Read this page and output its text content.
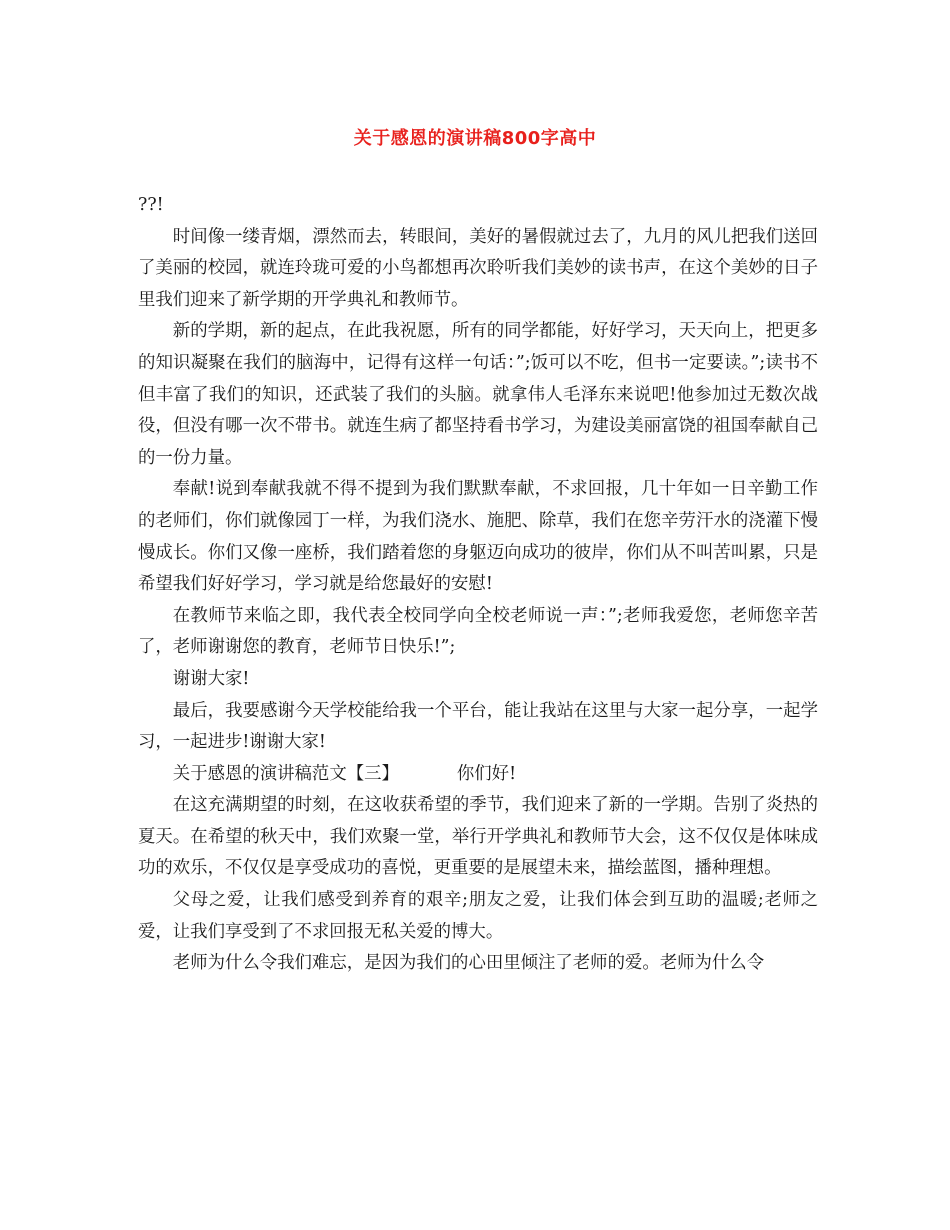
关于感恩的演讲稿800字高中

??!

时间像一缕青烟，漂然而去，转眼间，美好的暑假就过去了，九月的风儿把我们送回了美丽的校园，就连玲珑可爱的小鸟都想再次聆听我们美妙的读书声，在这个美妙的日子里我们迎来了新学期的开学典礼和教师节。

新的学期，新的起点，在此我祝愿，所有的同学都能，好好学习，天天向上，把更多的知识凝聚在我们的脑海中，记得有这样一句话：”;饭可以不吃，但书一定要读。”;读书不但丰富了我们的知识，还武装了我们的头脑。就拿伟人毛泽东来说吧!他参加过无数次战役，但没有哪一次不带书。就连生病了都坚持看书学习，为建设美丽富饶的祖国奉献自己的一份力量。

奉献!说到奉献我就不得不提到为我们默默奉献，不求回报，几十年如一日辛勤工作的老师们，你们就像园丁一样，为我们浇水、施肥、除草，我们在您辛劳汗水的浇灌下慢慢成长。你们又像一座桥，我们踏着您的身躯迈向成功的彼岸，你们从不叫苦叫累，只是希望我们好好学习，学习就是给您最好的安慰!

在教师节来临之即，我代表全校同学向全校老师说一声：”;老师我爱您，老师您辛苦了，老师谢谢您的教育，老师节日快乐!”;

谢谢大家!

最后，我要感谢今天学校能给我一个平台，能让我站在这里与大家一起分享，一起学习，一起进步!谢谢大家!

关于感恩的演讲稿范文【三】	你们好!

在这充满期望的时刻，在这收获希望的季节，我们迎来了新的一学期。告别了炎热的夏天。在希望的秋天中，我们欢聚一堂，举行开学典礼和教师节大会，这不仅仅是体味成功的欢乐，不仅仅是享受成功的喜悦，更重要的是展望未来，描绘蓝图，播种理想。

父母之爱，让我们感受到养育的艰辛;朋友之爱，让我们体会到互助的温暖;老师之爱，让我们享受到了不求回报无私关爱的博大。

老师为什么令我们难忘，是因为我们的心田里倾注了老师的爱。老师为什么令
